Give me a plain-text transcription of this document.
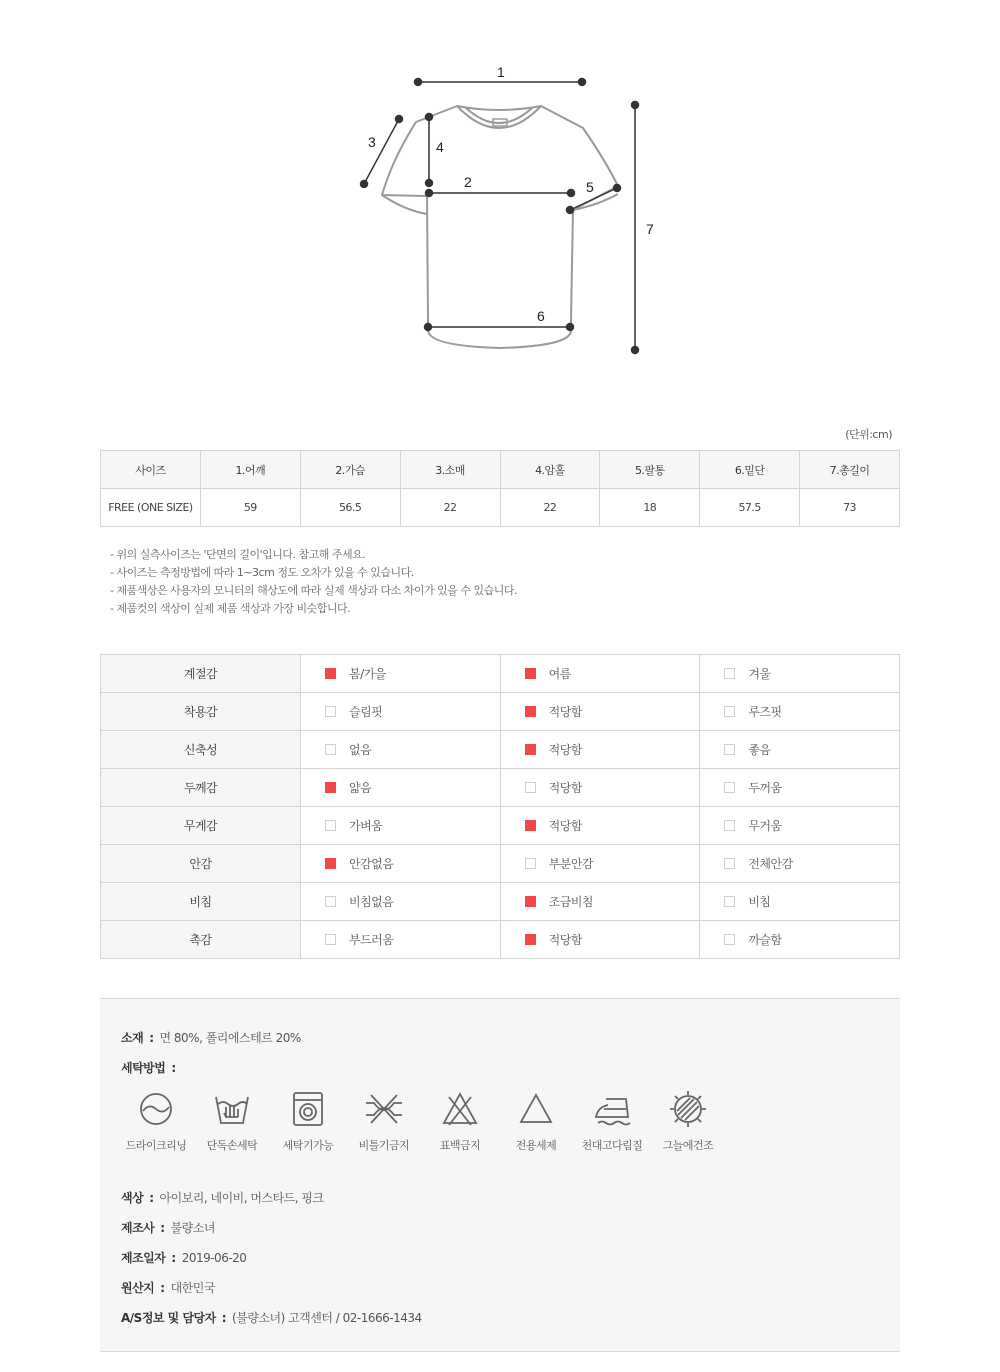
1
2
3	4
5
6
7
(단위:cm)
사이즈	1.어깨	2.가슴	3.소매	4.암홀	5.팔통	6.밑단	7.총길이
FREE (ONE SIZE)	59	56.5	22	22	18	57.5	73
- 위의 실측사이즈는 '단면의 길이'입니다. 참고해 주세요.
- 사이즈는 측정방법에 따라 1~3cm 정도 오차가 있을 수 있습니다.
- 제품색상은 사용자의 모니터의 해상도에 따라 실제 색상과 다소 차이가 있을 수 있습니다.
- 제품컷의 색상이 실제 제품 색상과 가장 비슷합니다.
계절감	봄/가을	여름	겨울
착용감	슬림핏	적당함	루즈핏
신축성	없음	적당함	좋음
두께감	얇음	적당함	두꺼움
무게감	가벼움	적당함	무거움
안감	안감없음	부분안감	전체안감
비침	비침없음	조금비침	비침
촉감	부드러움	적당함	까슬함
소재 : 면 80%, 폴리에스테르 20%
세탁방법 :
드라이크리닝	단독손세탁	세탁기가능	비틀기금지	표백금지	전용세제	천대고다림질	그늘에건조
색상 : 아이보리, 네이비, 머스타드, 핑크
제조사 : 불량소녀
제조일자 : 2019-06-20
원산지 : 대한민국
A/S정보 및 담당자 : (불량소녀) 고객센터 / 02-1666-1434
